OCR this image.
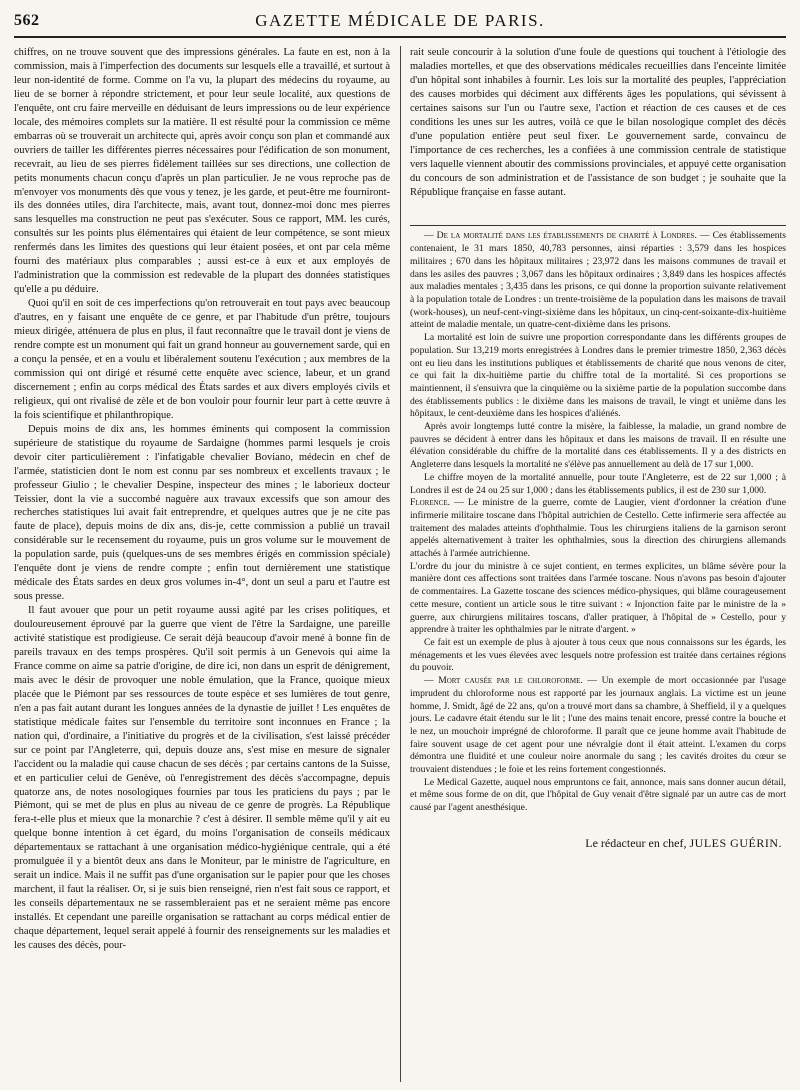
562	GAZETTE MÉDICALE DE PARIS.

chiffres, on ne trouve souvent que des impressions générales. La faute en est, non à la commission, mais à l'imperfection des documents sur lesquels elle a travaillé, et surtout à leur non-identité de forme. Comme on l'a vu, la plupart des médecins du royaume, au lieu de se borner à répondre strictement, et pour leur seule localité, aux questions de l'enquête, ont cru faire merveille en déduisant de leurs impressions ou de leur expérience locale, des mémoires complets sur la matière. Il est résulté pour la commission ce même embarras où se trouverait un architecte qui, après avoir conçu son plan et commandé aux ouvriers de tailler les différentes pierres nécessaires pour l'édification de son monument, recevrait, au lieu de ses pierres fidèlement taillées sur ses directions, une collection de petits monuments chacun conçu d'après un plan particulier. Je ne vous reproche pas de m'envoyer vos monuments dès que vous y tenez, je les garde, et peut-être me fourniront-ils des données utiles, dira l'architecte, mais, avant tout, donnez-moi donc mes pierres sans lesquelles ma construction ne peut pas s'exécuter. Sous ce rapport, MM. les curés, consultés sur les points plus élémentaires qui étaient de leur compétence, se sont mieux renfermés dans les limites des questions qui leur étaient posées, et ont par cela même fourni des matériaux plus comparables ; aussi est-ce à eux et aux employés de l'administration que la commission est redevable de la plupart des données statistiques qu'elle a pu déduire.

Quoi qu'il en soit de ces imperfections qu'on retrouverait en tout pays avec beaucoup d'autres, en y faisant une enquête de ce genre, et par l'habitude d'un prêtre, toujours mieux dirigée, atténuera de plus en plus, il faut reconnaître que le travail dont je viens de rendre compte est un monument qui fait un grand honneur au gouvernement sarde, qui en a conçu la pensée, et en a voulu et libéralement soutenu l'exécution ; aux membres de la commission qui ont dirigé et résumé cette enquête avec science, labeur, et un grand discernement ; enfin au corps médical des États sardes et aux divers employés civils et religieux, qui ont rivalisé de zèle et de bon vouloir pour fournir leur part à cette œuvre à la fois scientifique et philanthropique.

Depuis moins de dix ans, les hommes éminents qui composent la commission supérieure de statistique du royaume de Sardaigne (hommes parmi lesquels je crois devoir citer particulièrement : l'infatigable chevalier Boviano, médecin en chef de l'armée, statisticien dont le nom est connu par ses nombreux et excellents travaux ; le professeur Giulio ; le chevalier Despine, inspecteur des mines ; le laborieux docteur Teissier, dont la vie a succombé naguère aux travaux excessifs que son amour des recherches statistiques lui avait fait entreprendre, et quelques autres que je ne cite pas faute de place), depuis moins de dix ans, dis-je, cette commission a publié un travail considérable sur le recensement du royaume, puis un gros volume sur le mouvement de la population sarde, puis (quelques-uns de ses membres érigés en commission spéciale) l'enquête dont je viens de rendre compte ; enfin tout dernièrement une statistique médicale des États sardes en deux gros volumes in-4°, dont un seul a paru et l'autre est sous presse.

Il faut avouer que pour un petit royaume aussi agité par les crises politiques, et douloureusement éprouvé par la guerre que vient de l'être la Sardaigne, une pareille activité statistique est prodigieuse. Ce serait déjà beaucoup d'avoir mené à bonne fin de pareils travaux en des temps prospères. Qu'il soit permis à un Genevois qui aime la France comme on aime sa patrie d'origine, de dire ici, non dans un esprit de dénigrement, mais avec le désir de provoquer une noble émulation, que la France, quoique mieux placée que le Piémont par ses ressources de toute espèce et ses lumières de tout genre, n'en a pas fait autant durant les longues années de la dynastie de juillet ! Les enquêtes de statistique médicale faites sur l'ensemble du territoire sont inconnues en France ; la nation qui, d'ordinaire, a l'initiative du progrès et de la civilisation, s'est laissé précéder sur ce point par l'Angleterre, qui, depuis douze ans, s'est mise en mesure de signaler l'accident ou la maladie qui cause chacun de ses décès ; par certains cantons de la Suisse, et en particulier celui de Genève, où l'enregistrement des décès s'accompagne, depuis quatorze ans, de notes nosologiques fournies par tous les praticiens du pays ; par le Piémont, qui se met de plus en plus au niveau de ce genre de progrès. La République fera-t-elle plus et mieux que la monarchie ? c'est à désirer. Il semble même qu'il y ait eu quelque bonne intention à cet égard, du moins l'organisation de conseils médicaux départementaux se rattachant à une organisation médico-hygiénique centrale, qui a été promulguée il y a bientôt deux ans dans le Moniteur, par le ministre de l'agriculture, en serait un indice. Mais il ne suffit pas d'une organisation sur le papier pour que les choses marchent, il faut la réaliser. Or, si je suis bien renseigné, rien n'est fait sous ce rapport, et les conseils départementaux ne se rassembleraient pas et ne seraient même pas encore installés. Et cependant une pareille organisation se rattachant au corps médical entier de chaque département, lequel serait appelé à fournir des renseignements sur les maladies et les causes des décès, pour-

rait seule concourir à la solution d'une foule de questions qui touchent à l'étiologie des maladies mortelles, et que des observations médicales recueillies dans l'enceinte limitée d'un hôpital sont inhabiles à fournir. Les lois sur la mortalité des peuples, l'appréciation des causes morbides qui déciment aux différents âges les populations, qui sévissent à certaines saisons sur l'un ou l'autre sexe, l'action et réaction de ces causes et de ces conditions les unes sur les autres, voilà ce que le bilan nosologique complet des décès d'une population entière peut seul fixer. Le gouvernement sarde, convaincu de l'importance de ces recherches, les a confiées à une commission centrale de statistique vers laquelle viennent aboutir des commissions provinciales, et appuyé cette organisation du concours de son administration et de l'assistance de son budget ; je souhaite que la République française en fasse autant.

— De la mortalité dans les établissements de charité à Londres. — Ces établissements contenaient, le 31 mars 1850, 40,783 personnes, ainsi réparties : 3,579 dans les hospices militaires ; 670 dans les hôpitaux militaires ; 23,972 dans les maisons communes de travail et dans les asiles des pauvres ; 3,067 dans les hôpitaux ordinaires ; 3,849 dans les hospices affectés aux maladies mentales ; 3,435 dans les prisons, ce qui donne la proportion suivante relativement à la population totale de Londres : un trente-troisième de la population dans les maisons de travail (work-houses), un neuf-cent-vingt-sixième dans les hôpitaux, un cinq-cent-soixante-dix-huitième atteint de maladie mentale, un quatre-cent-dixième dans les prisons.

La mortalité est loin de suivre une proportion correspondante dans les différents groupes de population. Sur 13,219 morts enregistrées à Londres dans le premier trimestre 1850, 2,363 décès ont eu lieu dans les institutions publiques et établissements de charité que nous venons de citer, ce qui fait la dix-huitième partie du chiffre total de la mortalité. Si ces proportions se maintiennent, il s'ensuivra que la cinquième ou la sixième partie de la population succombe dans des établissements publics : le dixième dans les maisons de travail, le vingt et unième dans les hôpitaux, le cent-deuxième dans les hospices d'aliénés.

Après avoir longtemps lutté contre la misère, la faiblesse, la maladie, un grand nombre de pauvres se décident à entrer dans les hôpitaux et dans les maisons de travail. Il en résulte une élévation considérable du chiffre de la mortalité dans ces établissements. Il y a des districts en Angleterre dans lesquels la mortalité ne s'élève pas annuellement au delà de 17 sur 1,000.

Le chiffre moyen de la mortalité annuelle, pour toute l'Angleterre, est de 22 sur 1,000 ; à Londres il est de 24 ou 25 sur 1,000 ; dans les établissements publics, il est de 230 sur 1,000.

Florence. — Le ministre de la guerre, comte de Laugier, vient d'ordonner la création d'une infirmerie militaire toscane dans l'hôpital autrichien de Cestello. Cette infirmerie sera affectée au traitement des malades atteints d'ophthalmie. Tous les chirurgiens italiens de la garnison seront appelés alternativement à traiter les ophthalmies, sous la direction des chirurgiens allemands attachés à l'armée autrichienne.

L'ordre du jour du ministre à ce sujet contient, en termes explicites, un blâme sévère pour la manière dont ces affections sont traitées dans l'armée toscane. Nous n'avons pas besoin d'ajouter de commentaires. La Gazette toscane des sciences médico-physiques, qui blâme courageusement cette mesure, contient un article sous le titre suivant : « Injonction faite par le ministre de la » guerre, aux chirurgiens militaires toscans, d'aller pratiquer, à l'hôpital de » Cestello, pour y apprendre à traiter les ophthalmies par le nitrate d'argent. »

Ce fait est un exemple de plus à ajouter à tous ceux que nous connaissons sur les égards, les ménagements et les vues élevées avec lesquels notre profession est traitée dans certaines régions du pouvoir.

— Mort causée par le chloroforme. — Un exemple de mort occasionnée par l'usage imprudent du chloroforme nous est rapporté par les journaux anglais. La victime est un jeune homme, J. Smidt, âgé de 22 ans, qu'on a trouvé mort dans sa chambre, à Sheffield, il y a quelques jours. Le cadavre était étendu sur le lit ; l'une des mains tenait encore, pressé contre la bouche et le nez, un mouchoir imprégné de chloroforme. Il paraît que ce jeune homme avait l'habitude de faire souvent usage de cet agent pour une névralgie dont il était atteint. L'examen du corps démontra une fluidité et une couleur noire anormale du sang ; les cavités droites du cœur se trouvaient distendues ; le foie et les reins fortement congestionnés.

Le Medical Gazette, auquel nous empruntons ce fait, annonce, mais sans donner aucun détail, et même sous forme de on dit, que l'hôpital de Guy venait d'être signalé par un autre cas de mort causé par l'agent anesthésique.

Le rédacteur en chef, JULES GUÉRIN.
